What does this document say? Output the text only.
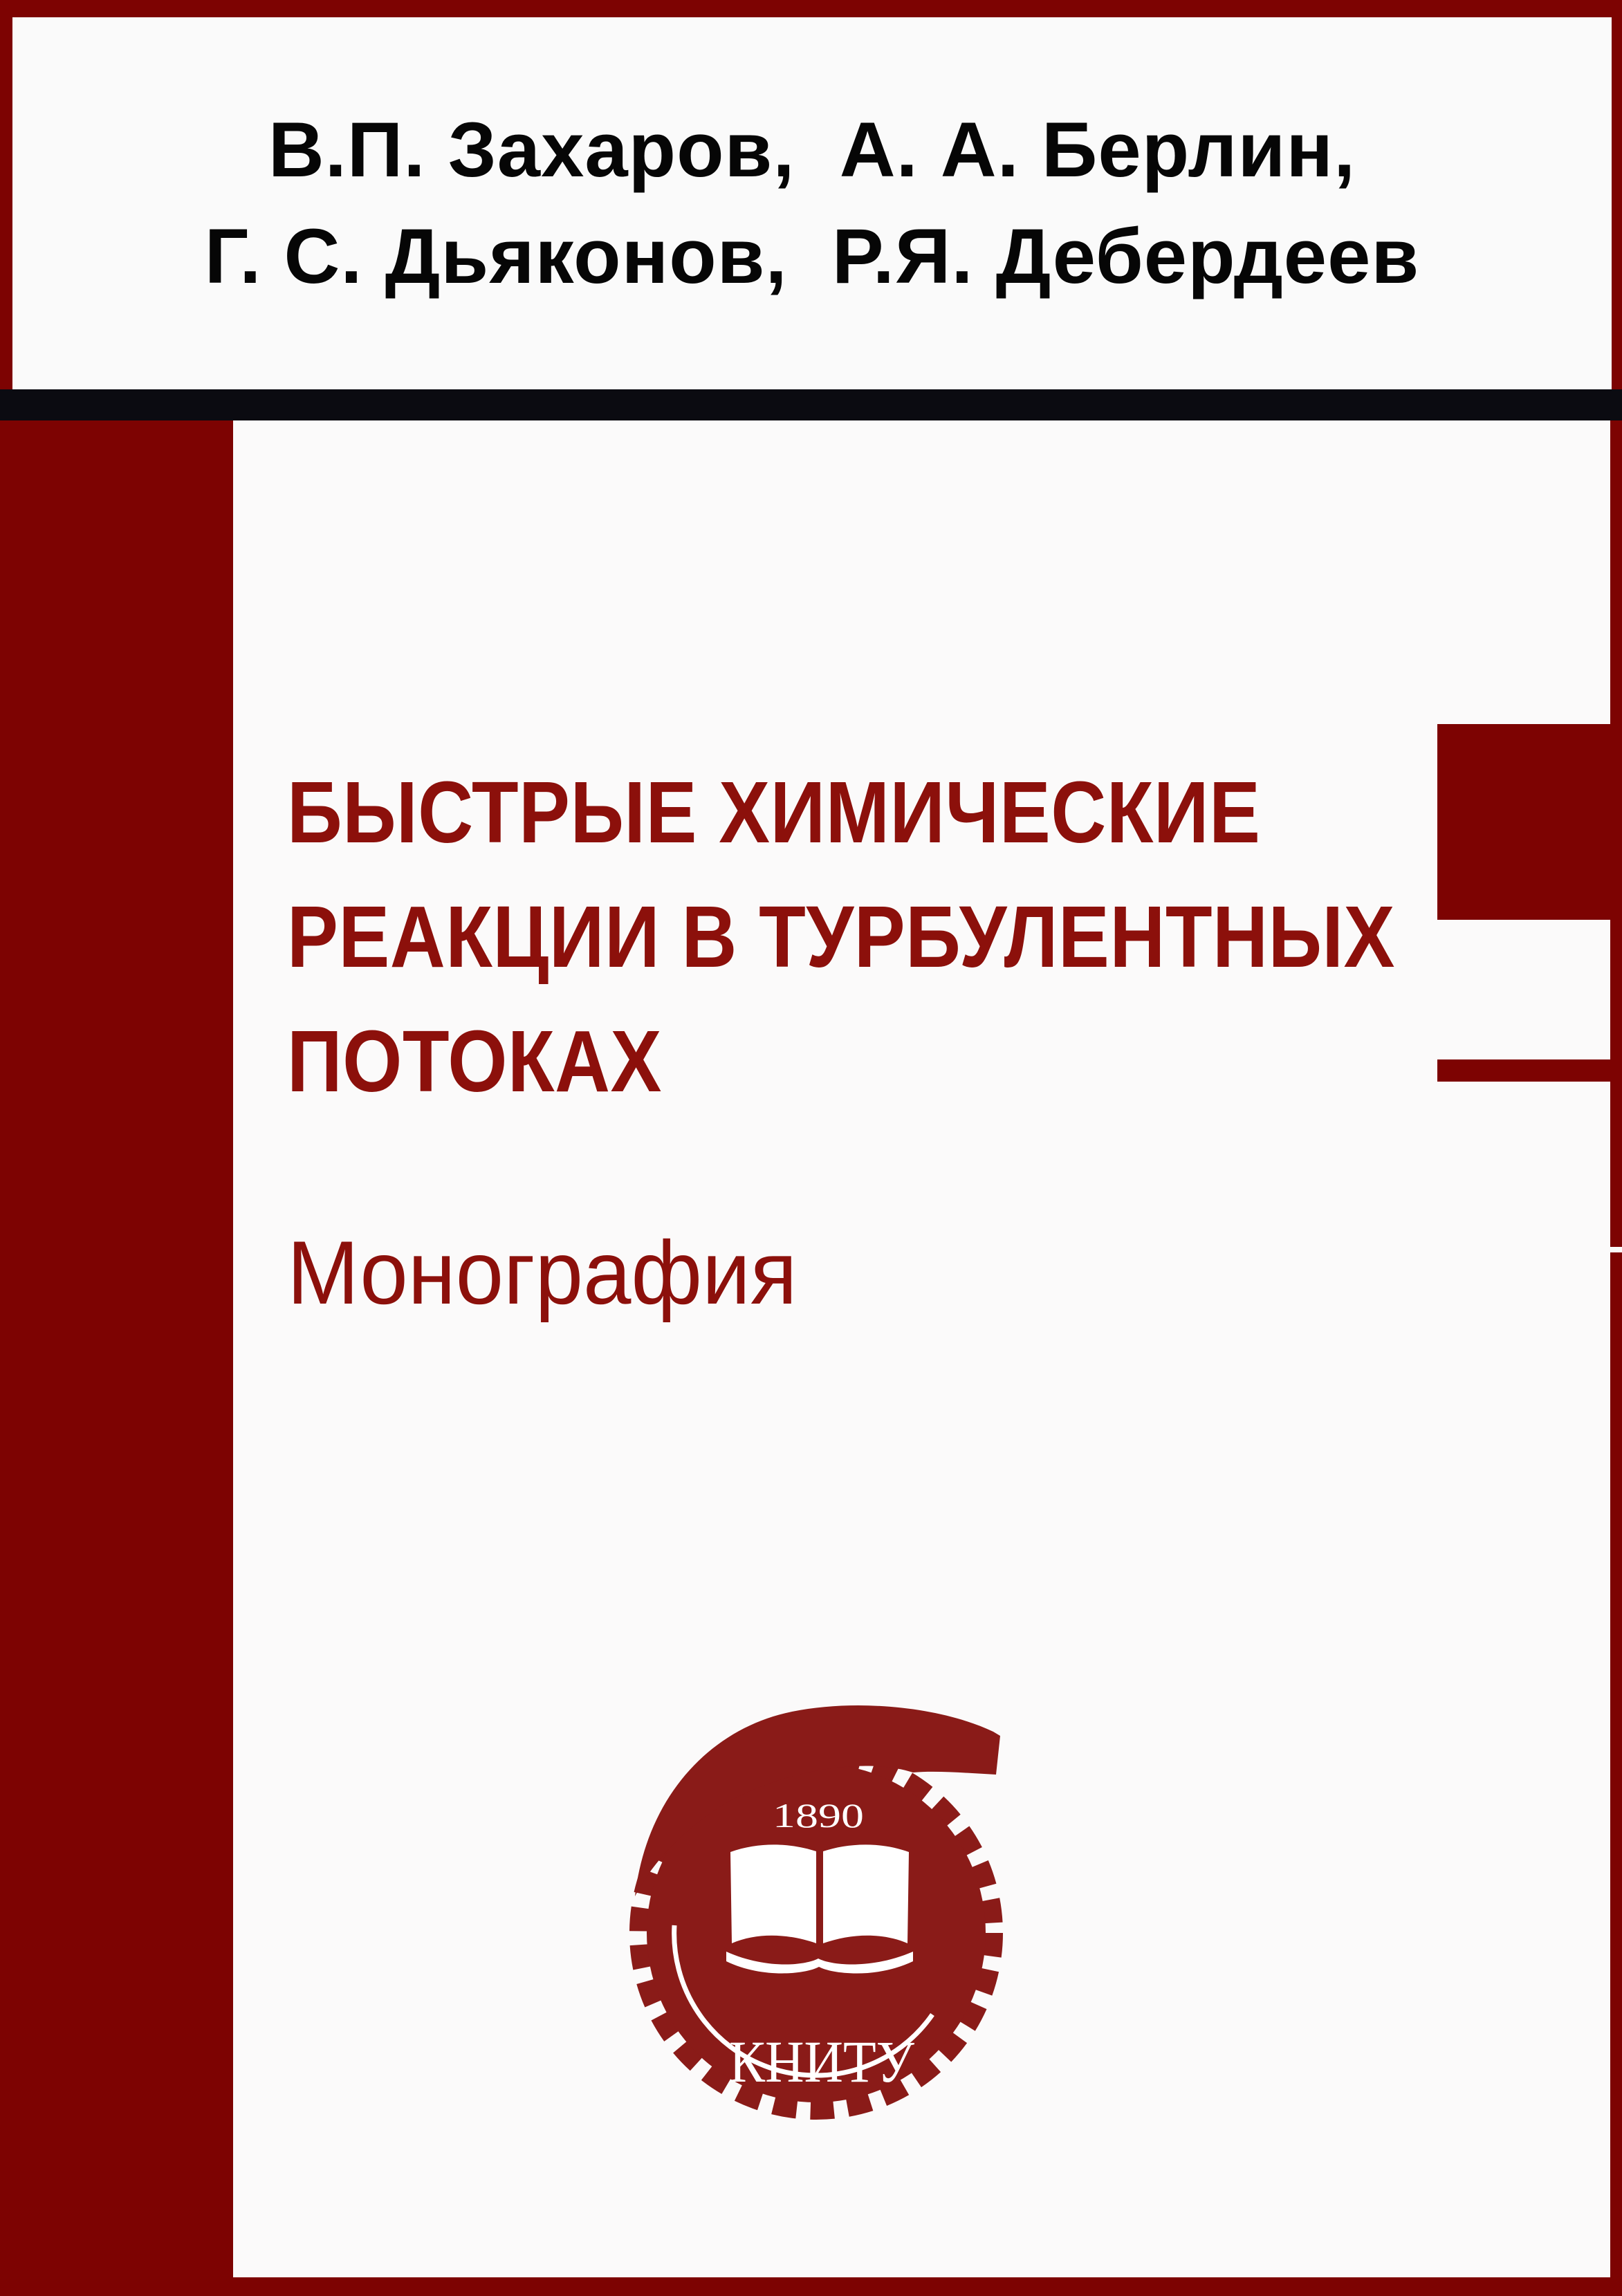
В.П. Захаров,  А. А. Берлин,
Г. С. Дьяконов,  Р.Я. Дебердеев
БЫСТРЫЕ ХИМИЧЕСКИЕ
РЕАКЦИИ В ТУРБУЛЕНТНЫХ
ПОТОКАХ
Монография
1890
КНИТУ
